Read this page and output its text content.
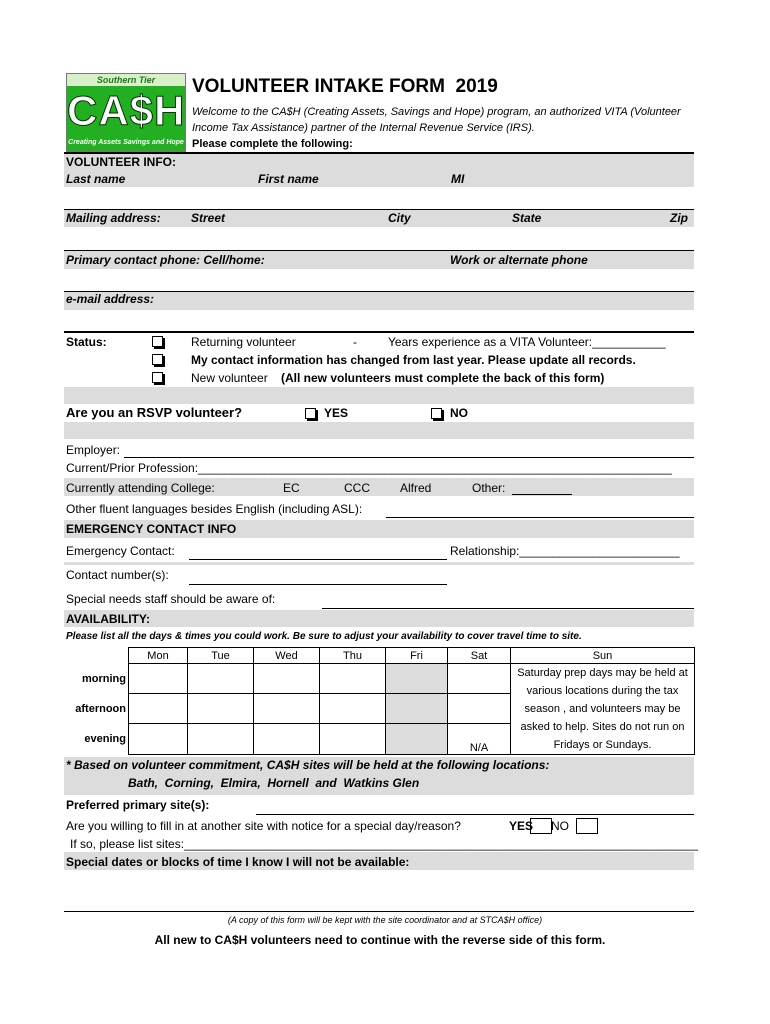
Southern Tier
CA$H
Creating Assets Savings and Hope
VOLUNTEER INTAKE FORM  2019
Welcome to the CA$H (Creating Assets, Savings and Hope) program, an authorized VITA (Volunteer
Income Tax Assistance) partner of the Internal Revenue Service (IRS).
Please complete the following:
VOLUNTEER INFO:
Last name	First name	MI
Mailing address:	Street	City	State	Zip
Primary contact phone: Cell/home:	Work or alternate phone
e-mail address:
Status:	Returning volunteer	-	Years experience as a VITA Volunteer:___________
My contact information has changed from last year. Please update all records.
New volunteer (All new volunteers must complete the back of this form)
Are you an RSVP volunteer?	YES	NO
Employer:
Current/Prior Profession:_______________________________________________________________________
Currently attending College:	EC	CCC	Alfred	Other:
Other fluent languages besides English (including ASL):
EMERGENCY CONTACT INFO
Emergency Contact:	Relationship:________________________
Contact number(s):
Special needs staff should be aware of:
AVAILABILITY:
Please list all the days & times you could work. Be sure to adjust your availability to cover travel time to site.
	Mon	Tue	Wed	Thu	Fri	Sat	Sun
morning							Saturday prep days may be held at
various locations during the tax
season , and volunteers may be
asked to help. Sites do not run on
Fridays or Sundays.

afternoon							
evening						N/A	
* Based on volunteer commitment, CA$H sites will be held at the following locations:
Bath,  Corning,  Elmira,  Hornell  and  Watkins Glen
Preferred primary site(s):
Are you willing to fill in at another site with notice for a special day/reason?	YES NO
If so, please list sites:_____________________________________________________________________________
Special dates or blocks of time I know I will not be available:
(A copy of this form will be kept with the site coordinator and at STCA$H office)
All new to CA$H volunteers need to continue with the reverse side of this form.
